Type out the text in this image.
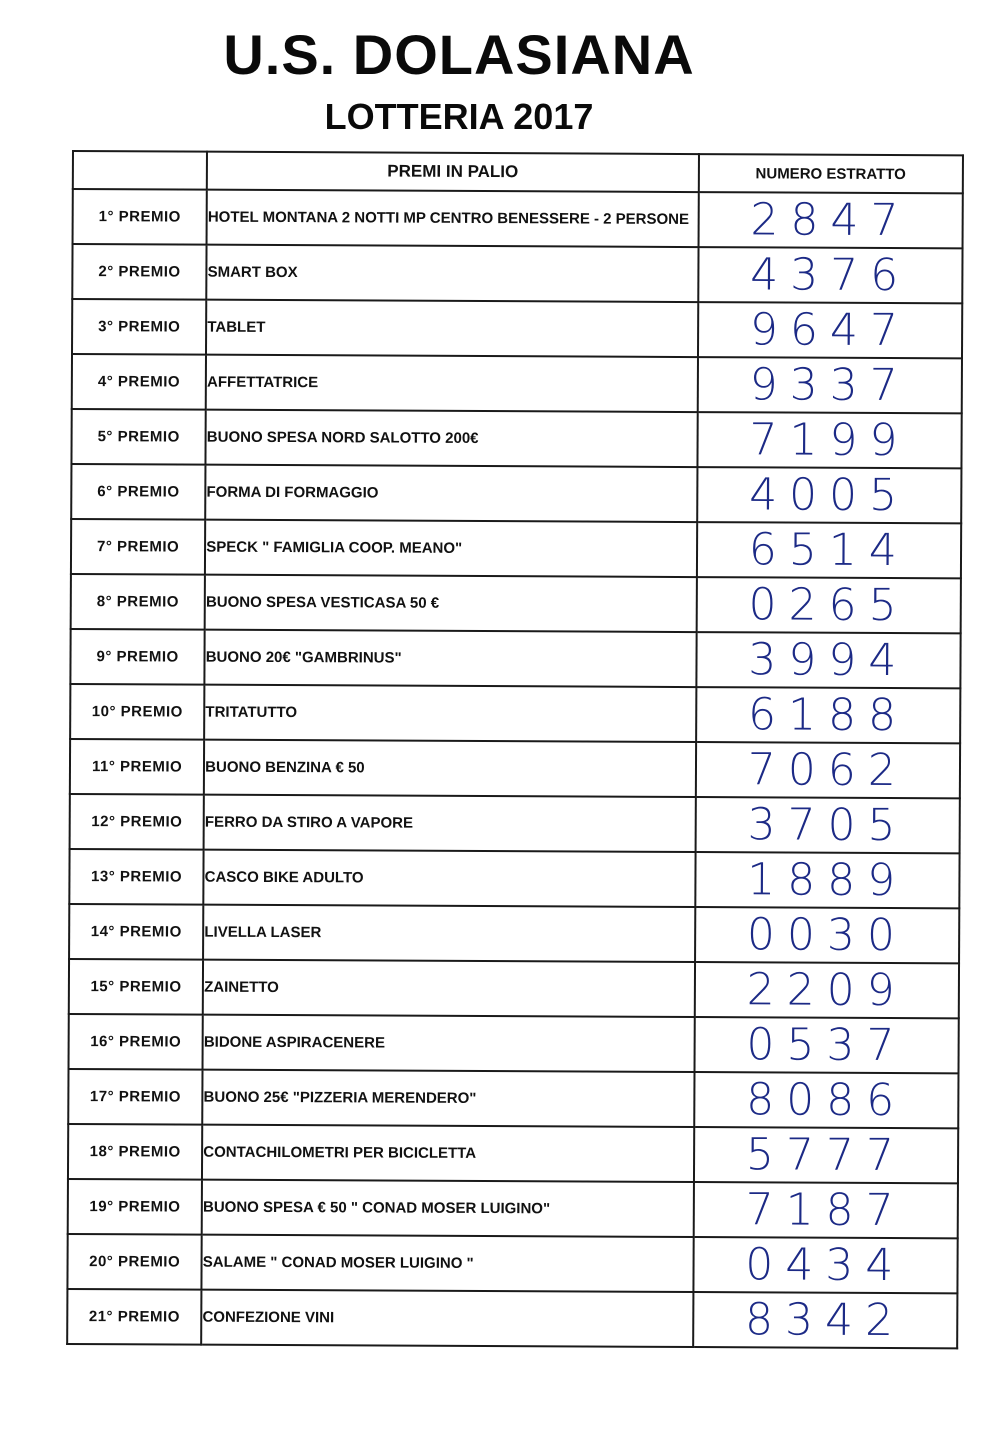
U.S. DOLASIANA
LOTTERIA 2017
	PREMI IN PALIO	NUMERO ESTRATTO
1° PREMIO	HOTEL MONTANA 2 NOTTI MP CENTRO BENESSERE - 2 PERSONE	2847
2° PREMIO	SMART BOX	4376
3° PREMIO	TABLET	9647
4° PREMIO	AFFETTATRICE	9337
5° PREMIO	BUONO SPESA NORD SALOTTO 200€	7199
6° PREMIO	FORMA DI FORMAGGIO	4005
7° PREMIO	SPECK " FAMIGLIA COOP. MEANO"	6514
8° PREMIO	BUONO SPESA VESTICASA 50 €	0265
9° PREMIO	BUONO 20€ "GAMBRINUS"	3994
10° PREMIO	TRITATUTTO	6188
11° PREMIO	BUONO BENZINA € 50	7062
12° PREMIO	FERRO DA STIRO A VAPORE	3705
13° PREMIO	CASCO BIKE ADULTO	1889
14° PREMIO	LIVELLA LASER	0030
15° PREMIO	ZAINETTO	2209
16° PREMIO	BIDONE ASPIRACENERE	0537
17° PREMIO	BUONO 25€ "PIZZERIA MERENDERO"	8086
18° PREMIO	CONTACHILOMETRI PER BICICLETTA	5777
19° PREMIO	BUONO SPESA € 50 " CONAD MOSER LUIGINO"	7187
20° PREMIO	SALAME " CONAD MOSER LUIGINO "	0434
21° PREMIO	CONFEZIONE VINI	8342
